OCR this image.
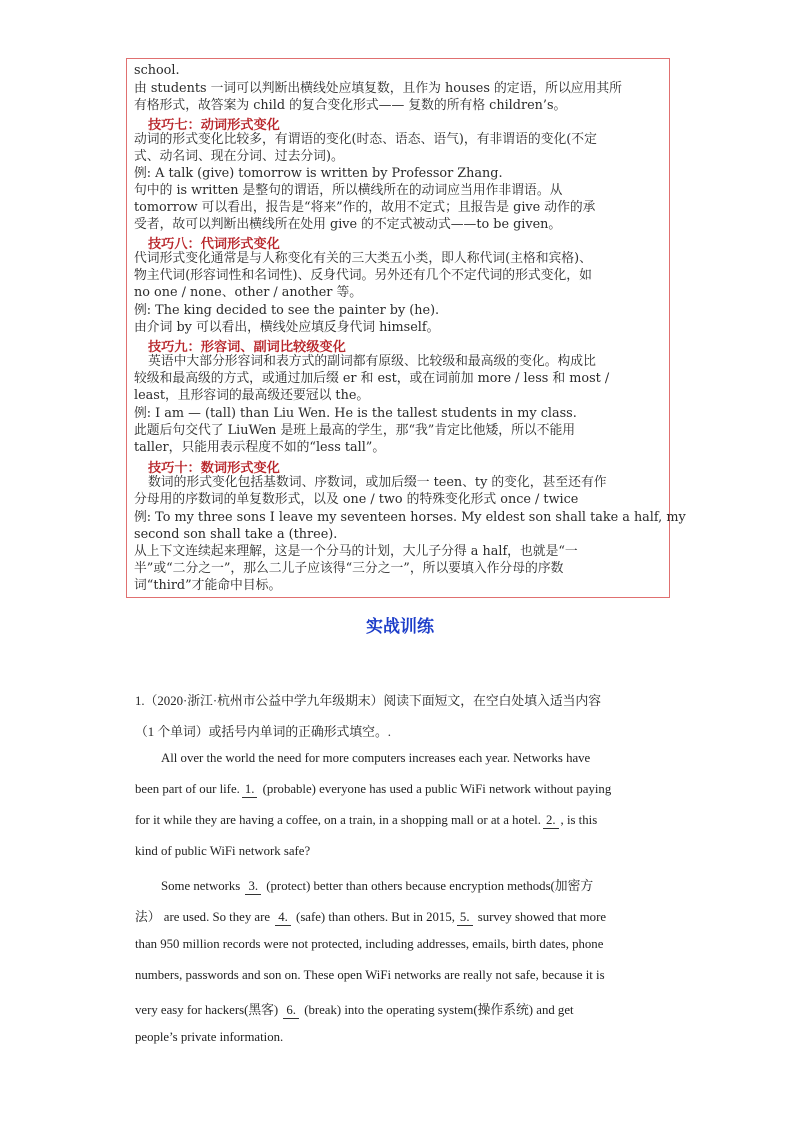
school.
由 students 一词可以判断出横线处应填复数，且作为 houses 的定语，所以应用其所
有格形式，故答案为 child 的复合变化形式—— 复数的所有格 children’s。
技巧七：动词形式变化
动词的形式变化比较多，有谓语的变化(时态、语态、语气)，有非谓语的变化(不定
式、动名词、现在分词、过去分词)。
例: A talk (give) tomorrow is written by Professor Zhang.
句中的 is written 是整句的谓语，所以横线所在的动词应当用作非谓语。从
tomorrow 可以看出，报告是“将来”作的，故用不定式；且报告是 give 动作的承
受者，故可以判断出横线所在处用 give 的不定式被动式——to be given。
技巧八：代词形式变化
代词形式变化通常是与人称变化有关的三大类五小类，即人称代词(主格和宾格)、
物主代词(形容词性和名词性)、反身代词。另外还有几个不定代词的形式变化，如
no one / none、other / another 等。
例: The king decided to see the painter by (he).
由介词 by 可以看出，横线处应填反身代词 himself。
技巧九：形容词、副词比较级变化
英语中大部分形容词和表方式的副词都有原级、比较级和最高级的变化。构成比
较级和最高级的方式，或通过加后缀 er 和 est，或在词前加 more / less 和 most /
least，且形容词的最高级还要冠以 the。
例: I am — (tall) than Liu Wen. He is the tallest students in my class.
此题后句交代了 LiuWen 是班上最高的学生，那“我”肯定比他矮，所以不能用
taller，只能用表示程度不如的“less tall”。
技巧十：数词形式变化
数词的形式变化包括基数词、序数词，或加后缀一 teen、ty 的变化，甚至还有作
分母用的序数词的单复数形式，以及 one / two 的特殊变化形式 once / twice
例: To my three sons I leave my seventeen horses. My eldest son shall take a half, my
second son shall take a (three).
从上下文连续起来理解，这是一个分马的计划，大儿子分得 a half，也就是“一
半”或“二分之一”，那么二儿子应该得“三分之一”，所以要填入作分母的序数
词“third”才能命中目标。
实战训练
1.（2020·浙江·杭州市公益中学九年级期末）阅读下面短文，在空白处填入适当内容
（1 个单词）或括号内单词的正确形式填空。.
All over the world the need for more computers increases each year. Networks have
been part of our life. 1. (probable) everyone has used a public WiFi network without paying
for it while they are having a coffee, on a train, in a shopping mall or at a hotel. 2. , is this
kind of public WiFi network safe?
Some networks 3. (protect) better than others because encryption methods(加密方
法） are used. So they are 4. (safe) than others. But in 2015, 5. survey showed that more
than 950 million records were not protected, including addresses, emails, birth dates, phone
numbers, passwords and son on. These open WiFi networks are really not safe, because it is
very easy for hackers(黑客) 6. (break) into the operating system(操作系统) and get
people’s private information.
